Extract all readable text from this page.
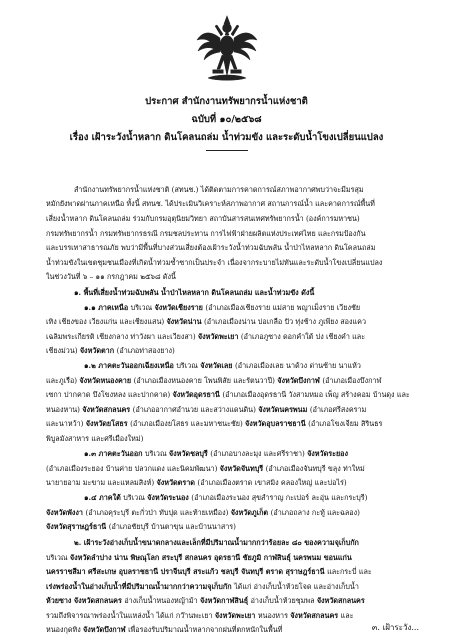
ประกาศ สำนักงานทรัพยากรน้ำแห่งชาติ
ฉบับที่ ๑๐/๒๕๖๘
เรื่อง เฝ้าระวังน้ำหลาก ดินโคลนถล่ม น้ำท่วมขัง และระดับน้ำโขงเปลี่ยนแปลง
สำนักงานทรัพยากรน้ำแห่งชาติ (สทนช.) ได้ติดตามการคาดการณ์สภาพอากาศพบว่าจะมีมรสุม
หมักยังพาดผ่านภาคเหนือ ทั้งนี้ สทนช. ได้ประเมินวิเคราะห์สภาพอากาศ สถานการณ์น้ำ และคาดการณ์พื้นที่
เสี่ยงน้ำหลาก ดินโคลนถล่ม ร่วมกับกรมอุตุนิยมวิทยา สถาบันสารสนเทศทรัพยากรน้ำ (องค์การมหาชน)
กรมทรัพยากรน้ำ กรมทรัพยากรธรณี กรมชลประทาน การไฟฟ้าฝ่ายผลิตแห่งประเทศไทย และกรมป้องกัน
และบรรเทาสาธารณภัย พบว่ามีพื้นที่บางส่วนเสี่ยงต้องเฝ้าระวังน้ำท่วมฉับพลัน น้ำป่าไหลหลาก ดินโคลนถล่ม
น้ำท่วมขังในเขตชุมชนเมืองที่เกิดน้ำท่วมซ้ำซากเป็นประจำ เนื่องจากระบายไม่ทันและระดับน้ำโขงเปลี่ยนแปลง
ในช่วงวันที่ ๖ – ๑๑ กรกฎาคม ๒๕๖๘ ดังนี้
๑. พื้นที่เสี่ยงน้ำท่วมฉับพลัน น้ำป่าไหลหลาก ดินโคลนถล่ม และน้ำท่วมขัง ดังนี้
๑.๑ ภาคเหนือ บริเวณ จังหวัดเชียงราย (อำเภอเมืองเชียงราย แม่สาย พญาเม็งราย เวียงชัย
เทิง เชียงของ เวียงแก่น และเชียงแสน) จังหวัดน่าน (อำเภอเมืองน่าน บ่อเกลือ ปัว ทุ่งช้าง ภูเพียง สองแคว
เฉลิมพระเกียรติ เชียงกลาง ท่าวังผา และเวียงสา) จังหวัดพะเยา (อำเภอภูซาง ดอกคำใต้ ปง เชียงคำ และ
เชียงม่วน) จังหวัดตาก (อำเภอท่าสองยาง)
๑.๒ ภาคตะวันออกเฉียงเหนือ บริเวณ จังหวัดเลย (อำเภอเมืองเลย นาด้วง ด่านซ้าย นาแห้ว
และภูเรือ) จังหวัดหนองคาย (อำเภอเมืองหนองคาย โพนพิสัย และรัตนวาปี) จังหวัดบึงกาฬ (อำเภอเมืองบึงกาฬ
เซกา ปากคาด บึงโขงหลง และปากคาด) จังหวัดอุดรธานี (อำเภอเมืองอุดรธานี วังสามหมอ เพ็ญ สร้างคอม บ้านดุง และ
หนองหาน) จังหวัดสกลนคร (อำเภออากาศอำนวย และสว่างแดนดิน) จังหวัดนครพนม (อำเภอศรีสงคราม
และนาหว้า) จังหวัดยโสธร (อำเภอเมืองยโสธร และมหาชนะชัย) จังหวัดอุบลราชธานี (อำเภอโขงเจียม สิรินธร
พิบูลมังสาหาร และศรีเมืองใหม่)
๑.๓ ภาคตะวันออก บริเวณ จังหวัดชลบุรี (อำเภอบางละมุง และศรีราชา) จังหวัดระยอง
(อำเภอเมืองระยอง บ้านค่าย ปลวกแดง และนิคมพัฒนา) จังหวัดจันทบุรี (อำเภอเมืองจันทบุรี ขลุง ท่าใหม่
นายายอาม มะขาม และแหลมสิงห์) จังหวัดตราด (อำเภอเมืองตราด เขาสมิง คลองใหญ่ และบ่อไร่)
๑.๔ ภาคใต้ บริเวณ จังหวัดระนอง (อำเภอเมืองระนอง สุขสำราญ กะเปอร์ ละอุ่น และกระบุรี)
จังหวัดพังงา (อำเภอคุระบุรี ตะกั่วป่า ทับปุด และท้ายเหมือง) จังหวัดภูเก็ต (อำเภอถลาง กะทู้ และฉลอง)
จังหวัดสุราษฎร์ธานี (อำเภอชัยบุรี บ้านตาขุน และบ้านนาสาร)
๒. เฝ้าระวังอ่างเก็บน้ำขนาดกลางและเล็กที่มีปริมาณน้ำมากกว่าร้อยละ ๘๐ ของความจุเก็บกัก
บริเวณ จังหวัดลำปาง น่าน พิษณุโลก สระบุรี สกลนคร อุดรธานี ชัยภูมิ กาฬสินธุ์ นครพนม ขอนแก่น
นครราชสีมา ศรีสะเกษ อุบลราชธานี ปราจีนบุรี สระแก้ว ชลบุรี จันทบุรี ตราด สุราษฎร์ธานี และกระบี่ และ
เร่งพร่องน้ำในอ่างเก็บน้ำที่มีปริมาณน้ำมากกว่าความจุเก็บกัก ได้แก่ อ่างเก็บน้ำห้วยโจด และอ่างเก็บน้ำ
ห้วยซาง จังหวัดสกลนคร อ่างเก็บน้ำหนองหญ้าม้า จังหวัดกาฬสินธุ์ อ่างเก็บน้ำห้วยชุมพล จังหวัดสกลนคร
รวมถึงพิจารณาพร่องน้ำในแหล่งน้ำ ได้แก่ กว๊านพะเยา จังหวัดพะเยา หนองหาร จังหวัดสกลนคร และ
หนองกุดทิง จังหวัดบึงกาฬ เพื่อรองรับปริมาณน้ำหลากจากฝนที่ตกหนักในพื้นที่	๓. เฝ้าระวัง...
